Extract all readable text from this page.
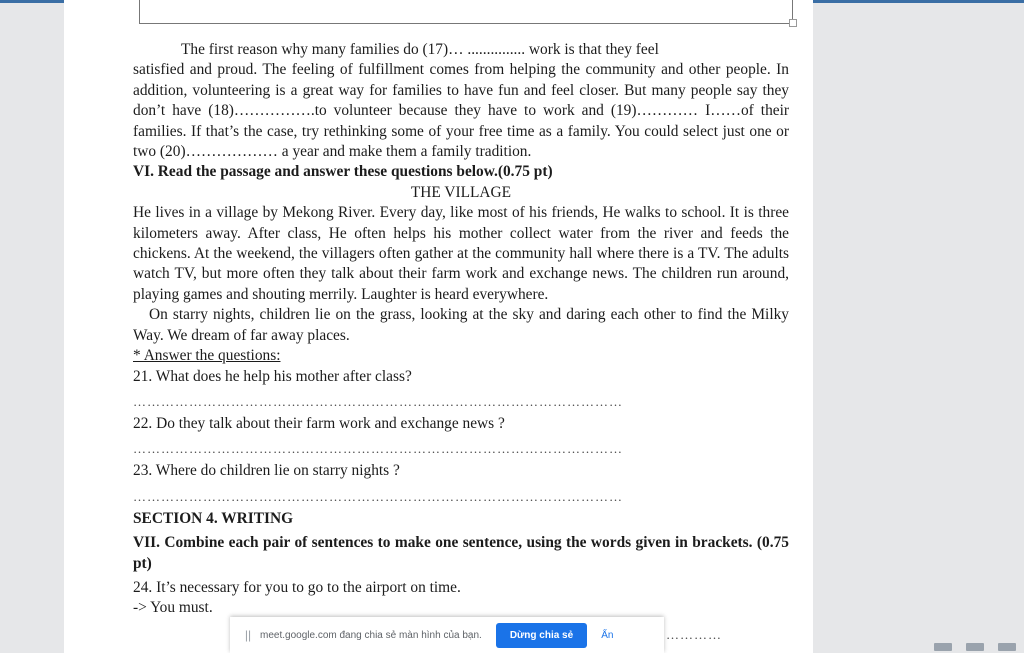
The first reason why many families do (17)… ............... work is that they feel

satisfied and proud. The feeling of fulfillment comes from helping the community and other people. In addition, volunteering is a great way for families to have fun and feel closer. But many people say they don’t have (18)…………….to volunteer because they have to work and (19)………… I……of their families. If that’s the case, try rethinking some of your free time as a family. You could select just one or two (20)……………… a year and make them a family tradition.

VI. Read the passage and answer these questions below.(0.75 pt)

THE VILLAGE

He lives in a village by Mekong River. Every day, like most of his friends, He walks to school. It is three kilometers away. After class, He often helps his mother collect water from the river and feeds the chickens. At the weekend, the villagers often gather at the community hall where there is a TV. The adults watch TV, but more often they talk about their farm work and exchange news. The children run around, playing games and shouting merrily. Laughter is heard everywhere.

On starry nights, children lie on the grass, looking at the sky and daring each other to find the Milky Way. We dream of far away places.

* Answer the questions:

21. What does he help his mother after class?

……………………………………………………………………………………………

22. Do they talk about their farm work and exchange news ?

……………………………………………………………………………………………

23. Where do children lie on starry nights ?

……………………………………………………………………………………………

SECTION 4. WRITING

VII. Combine each pair of sentences to make one sentence, using the words given in brackets. (0.75 pt)

24. It’s necessary for you to go to the airport on time.

-> You must.

|| meet.google.com đang chia sẻ màn hình của bạn.	Dừng chia sẻ	Ẩn	…………
